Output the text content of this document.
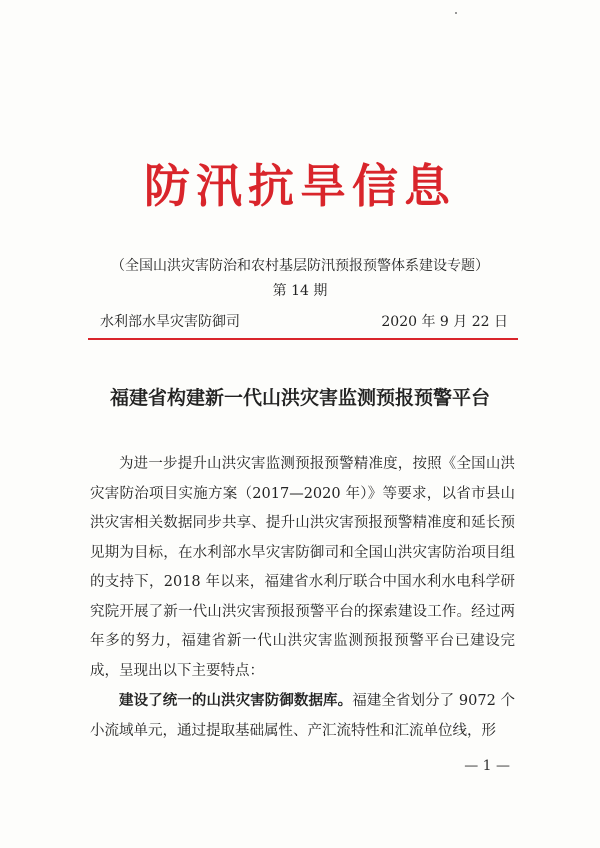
防汛抗旱信息
（全国山洪灾害防治和农村基层防汛预报预警体系建设专题）
第 14 期
水利部水旱灾害防御司	2020 年 9 月 22 日
福建省构建新一代山洪灾害监测预报预警平台

为进一步提升山洪灾害监测预报预警精准度，按照《全国山洪灾害防治项目实施方案（2017—2020 年）》等要求，以省市县山洪灾害相关数据同步共享、提升山洪灾害预报预警精准度和延长预见期为目标，在水利部水旱灾害防御司和全国山洪灾害防治项目组的支持下，2018 年以来，福建省水利厅联合中国水利水电科学研究院开展了新一代山洪灾害预报预警平台的探索建设工作。经过两年多的努力，福建省新一代山洪灾害监测预报预警平台已建设完成，呈现出以下主要特点：

建设了统一的山洪灾害防御数据库。福建全省划分了 9072 个小流域单元，通过提取基础属性、产汇流特性和汇流单位线，形

— 1 —
